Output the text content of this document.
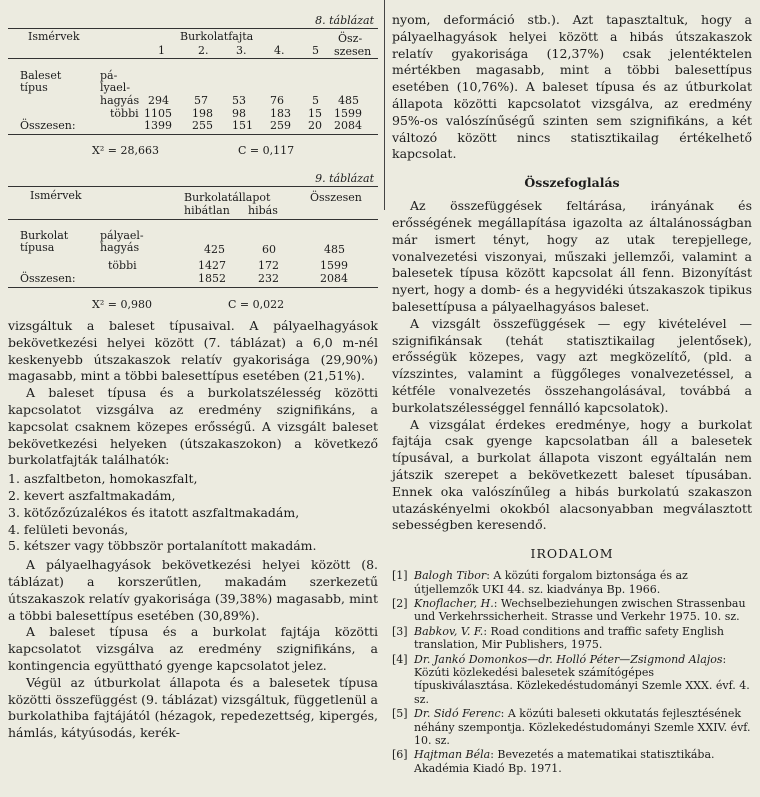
8. táblázat
Ismérvek	Burkolatfajta	Ösz-
szesen
1	2.	3.	4.	5
Baleset
típus
pá-
lyael-
hagyás 294 57 53 76	5 485
többi 1105 198 98 183 15 1599
Összesen:	1399 255 151 259 20 2084
X² = 28,663	C = 0,117
9. táblázat
Ismérvek	Burkolatállapot	Összesen
hibátlan hibás
Burkolat
típusa
pályael-
hagyás	425	60	485
többi	1427	172	1599
Összesen:	1852	232	2084
X² = 0,980	C = 0,022

vizsgáltuk a baleset típusaival. A pályaelhagyások bekövetkezési helyei között (7. táblázat) a 6,0 m-nél keskenyebb útszakaszok relatív gyakorisága (29,90%) magasabb, mint a többi balesettípus esetében (21,51%).

A baleset típusa és a burkolatszélesség közötti kapcsolatot vizsgálva az eredmény szignifikáns, a kapcsolat csaknem közepes erősségű. A vizsgált baleset bekövetkezési helyeken (útszakaszokon) a következő burkolatfajták találhatók:

1. aszfaltbeton, homokaszfalt,
2. kevert aszfaltmakadám,
3. kötőzőzúzalékos és itatott aszfaltmakadám,
4. felületi bevonás,
5. kétszer vagy többször portalanított makadám.

A pályaelhagyások bekövetkezési helyei között (8. táblázat) a korszerűtlen, makadám szerkezetű útszakaszok relatív gyakorisága (39,38%) magasabb, mint a többi balesettípus esetében (30,89%).

A baleset típusa és a burkolat fajtája közötti kapcsolatot vizsgálva az eredmény szignifikáns, a kontingencia együttható gyenge kapcsolatot jelez.

Végül az útburkolat állapota és a balesetek típusa közötti összefüggést (9. táblázat) vizsgáltuk, függetlenül a burkolathiba fajtájától (hézagok, repedezettség, kipergés, hámlás, kátyúsodás, kerék-

nyom, deformáció stb.). Azt tapasztaltuk, hogy a pályaelhagyások helyei között a hibás útszakaszok relatív gyakorisága (12,37%) csak jelentéktelen mértékben magasabb, mint a többi balesettípus esetében (10,76%). A baleset típusa és az útburkolat állapota közötti kapcsolatot vizsgálva, az eredmény 95%-os valószínűségű szinten sem szignifikáns, a két változó között nincs statisztikailag értékelhető kapcsolat.

Összefoglalás

Az összefüggések feltárása, irányának és erősségének megállapítása igazolta az általánosságban már ismert tényt, hogy az utak terepjellege, vonalvezetési viszonyai, műszaki jellemzői, valamint a balesetek típusa között kapcsolat áll fenn. Bizonyítást nyert, hogy a domb- és a hegyvidéki útszakaszok tipikus balesettípusa a pályaelhagyásos baleset.

A vizsgált összefüggések — egy kivételével — szignifikánsak (tehát statisztikailag jelentősek), erősségük közepes, vagy azt megközelítő, (pld. a vízszintes, valamint a függőleges vonalvezetéssel, a kétféle vonalvezetés összehangolásával, továbbá a burkolatszélességgel fennálló kapcsolatok).

A vizsgálat érdekes eredménye, hogy a burkolat fajtája csak gyenge kapcsolatban áll a balesetek típusával, a burkolat állapota viszont egyáltalán nem játszik szerepet a bekövetkezett baleset típusában. Ennek oka valószínűleg a hibás burkolatú szakaszon utazáskényelmi okokból alacsonyabban megválasztott sebességben keresendő.

IRODALOM
[1] Balogh Tibor: A közúti forgalom biztonsága és az útjellemzők UKI 44. sz. kiadványa Bp. 1966.
[2] Knoflacher, H.: Wechselbeziehungen zwischen Strassenbau und Verkehrssicherheit. Strasse und Verkehr 1975. 10. sz.
[3] Babkov, V. F.: Road conditions and traffic safety English translation, Mir Publishers, 1975.
[4] Dr. Jankó Domonkos—dr. Holló Péter—Zsigmond Alajos: Közúti közlekedési balesetek számítógépes típuskiválasztása. Közlekedéstudományi Szemle XXX. évf. 4. sz.
[5] Dr. Sidó Ferenc: A közúti baleseti okkutatás fejlesztésének néhány szempontja. Közlekedéstudományi Szemle XXIV. évf. 10. sz.
[6] Hajtman Béla: Bevezetés a matematikai statisztikába. Akadémia Kiadó Bp. 1971.
